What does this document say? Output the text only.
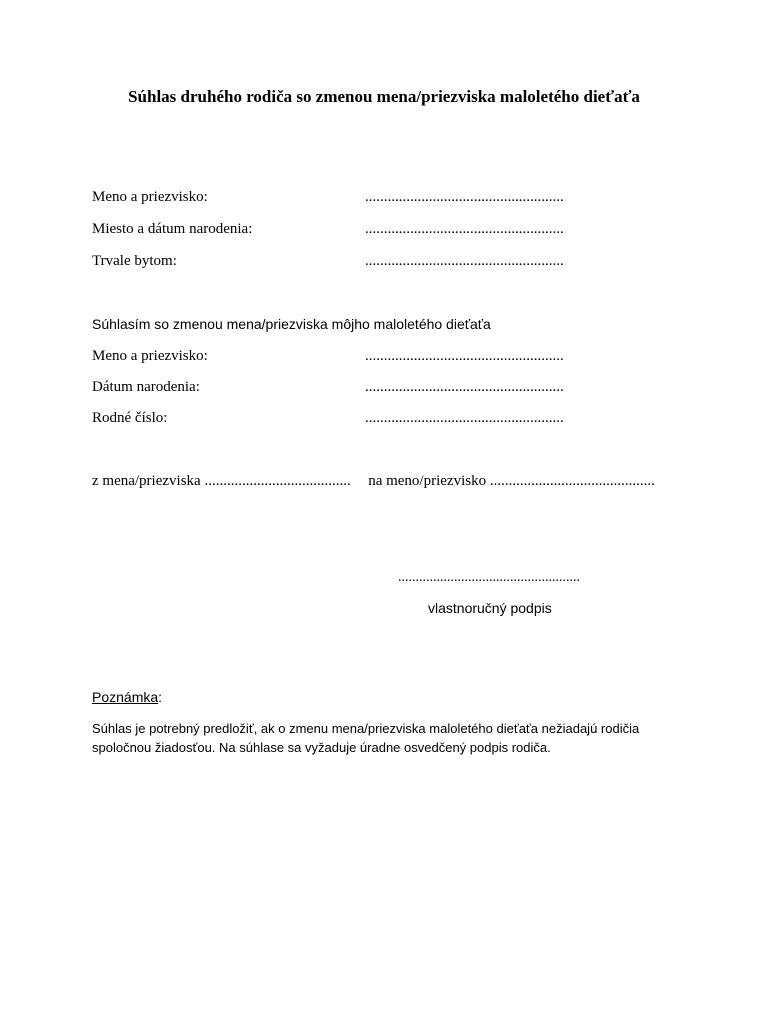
Súhlas druhého rodiča so zmenou mena/priezviska maloletého dieťaťa
Meno a priezvisko:	.....................................................
Miesto a dátum narodenia:	.....................................................
Trvale bytom:	.....................................................
Súhlasím so zmenou mena/priezviska môjho maloletého dieťaťa
Meno a priezvisko:	.....................................................
Dátum narodenia:	.....................................................
Rodné číslo:	.....................................................
z mena/priezviska ....................................... na meno/priezvisko ............................................
....................................................
vlastnoručný podpis
Poznámka:
Súhlas je potrebný predložiť, ak o zmenu mena/priezviska maloletého dieťaťa nežiadajú rodičia spoločnou žiadosťou. Na súhlase sa vyžaduje úradne osvedčený podpis rodiča.
